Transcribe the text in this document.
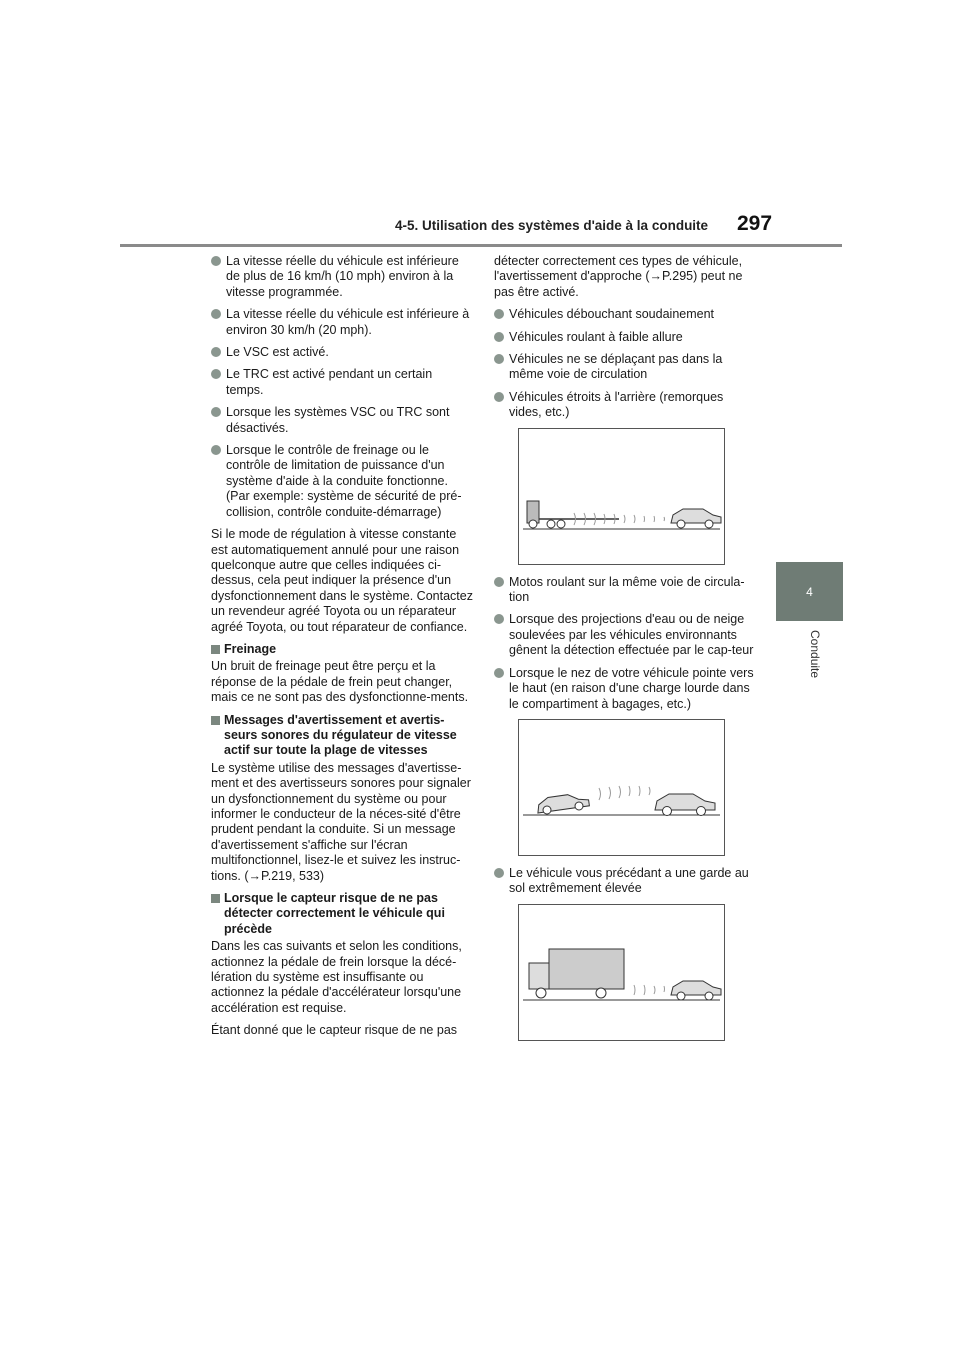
4-5. Utilisation des systèmes d'aide à la conduite 297
4
Conduite
La vitesse réelle du véhicule est inférieure de plus de 16 km/h (10 mph) environ à la vitesse programmée.
La vitesse réelle du véhicule est inférieure à environ 30 km/h (20 mph).
Le VSC est activé.
Le TRC est activé pendant un certain temps.
Lorsque les systèmes VSC ou TRC sont désactivés.
Lorsque le contrôle de freinage ou le contrôle de limitation de puissance d'un système d'aide à la conduite fonctionne. (Par exemple: système de sécurité de pré-collision, contrôle conduite-démarrage)
Si le mode de régulation à vitesse constante est automatiquement annulé pour une raison quelconque autre que celles indiquées ci-dessus, cela peut indiquer la présence d'un dysfonctionnement dans le système. Contactez un revendeur agréé Toyota ou un réparateur agréé Toyota, ou tout réparateur de confiance.
Freinage
Un bruit de freinage peut être perçu et la réponse de la pédale de frein peut changer, mais ce ne sont pas des dysfonctionne-ments.
Messages d'avertissement et avertis-seurs sonores du régulateur de vitesse actif sur toute la plage de vitesses
Le système utilise des messages d'avertisse-ment et des avertisseurs sonores pour signaler un dysfonctionnement du système ou pour informer le conducteur de la néces-sité d'être prudent pendant la conduite. Si un message d'avertissement s'affiche sur l'écran multifonctionnel, lisez-le et suivez les instruc-tions. (→P.219, 533)
Lorsque le capteur risque de ne pas détecter correctement le véhicule qui précède
Dans les cas suivants et selon les conditions, actionnez la pédale de frein lorsque la décé-lération du système est insuffisante ou actionnez la pédale d'accélérateur lorsqu'une accélération est requise.
Étant donné que le capteur risque de ne pas
détecter correctement ces types de véhicule, l'avertissement d'approche (→P.295) peut ne pas être activé.
Véhicules débouchant soudainement
Véhicules roulant à faible allure
Véhicules ne se déplaçant pas dans la même voie de circulation
Véhicules étroits à l'arrière (remorques vides, etc.)
Motos roulant sur la même voie de circula-tion
Lorsque des projections d'eau ou de neige soulevées par les véhicules environnants gênent la détection effectuée par le cap-teur
Lorsque le nez de votre véhicule pointe vers le haut (en raison d'une charge lourde dans le compartiment à bagages, etc.)
Le véhicule vous précédant a une garde au sol extrêmement élevée
